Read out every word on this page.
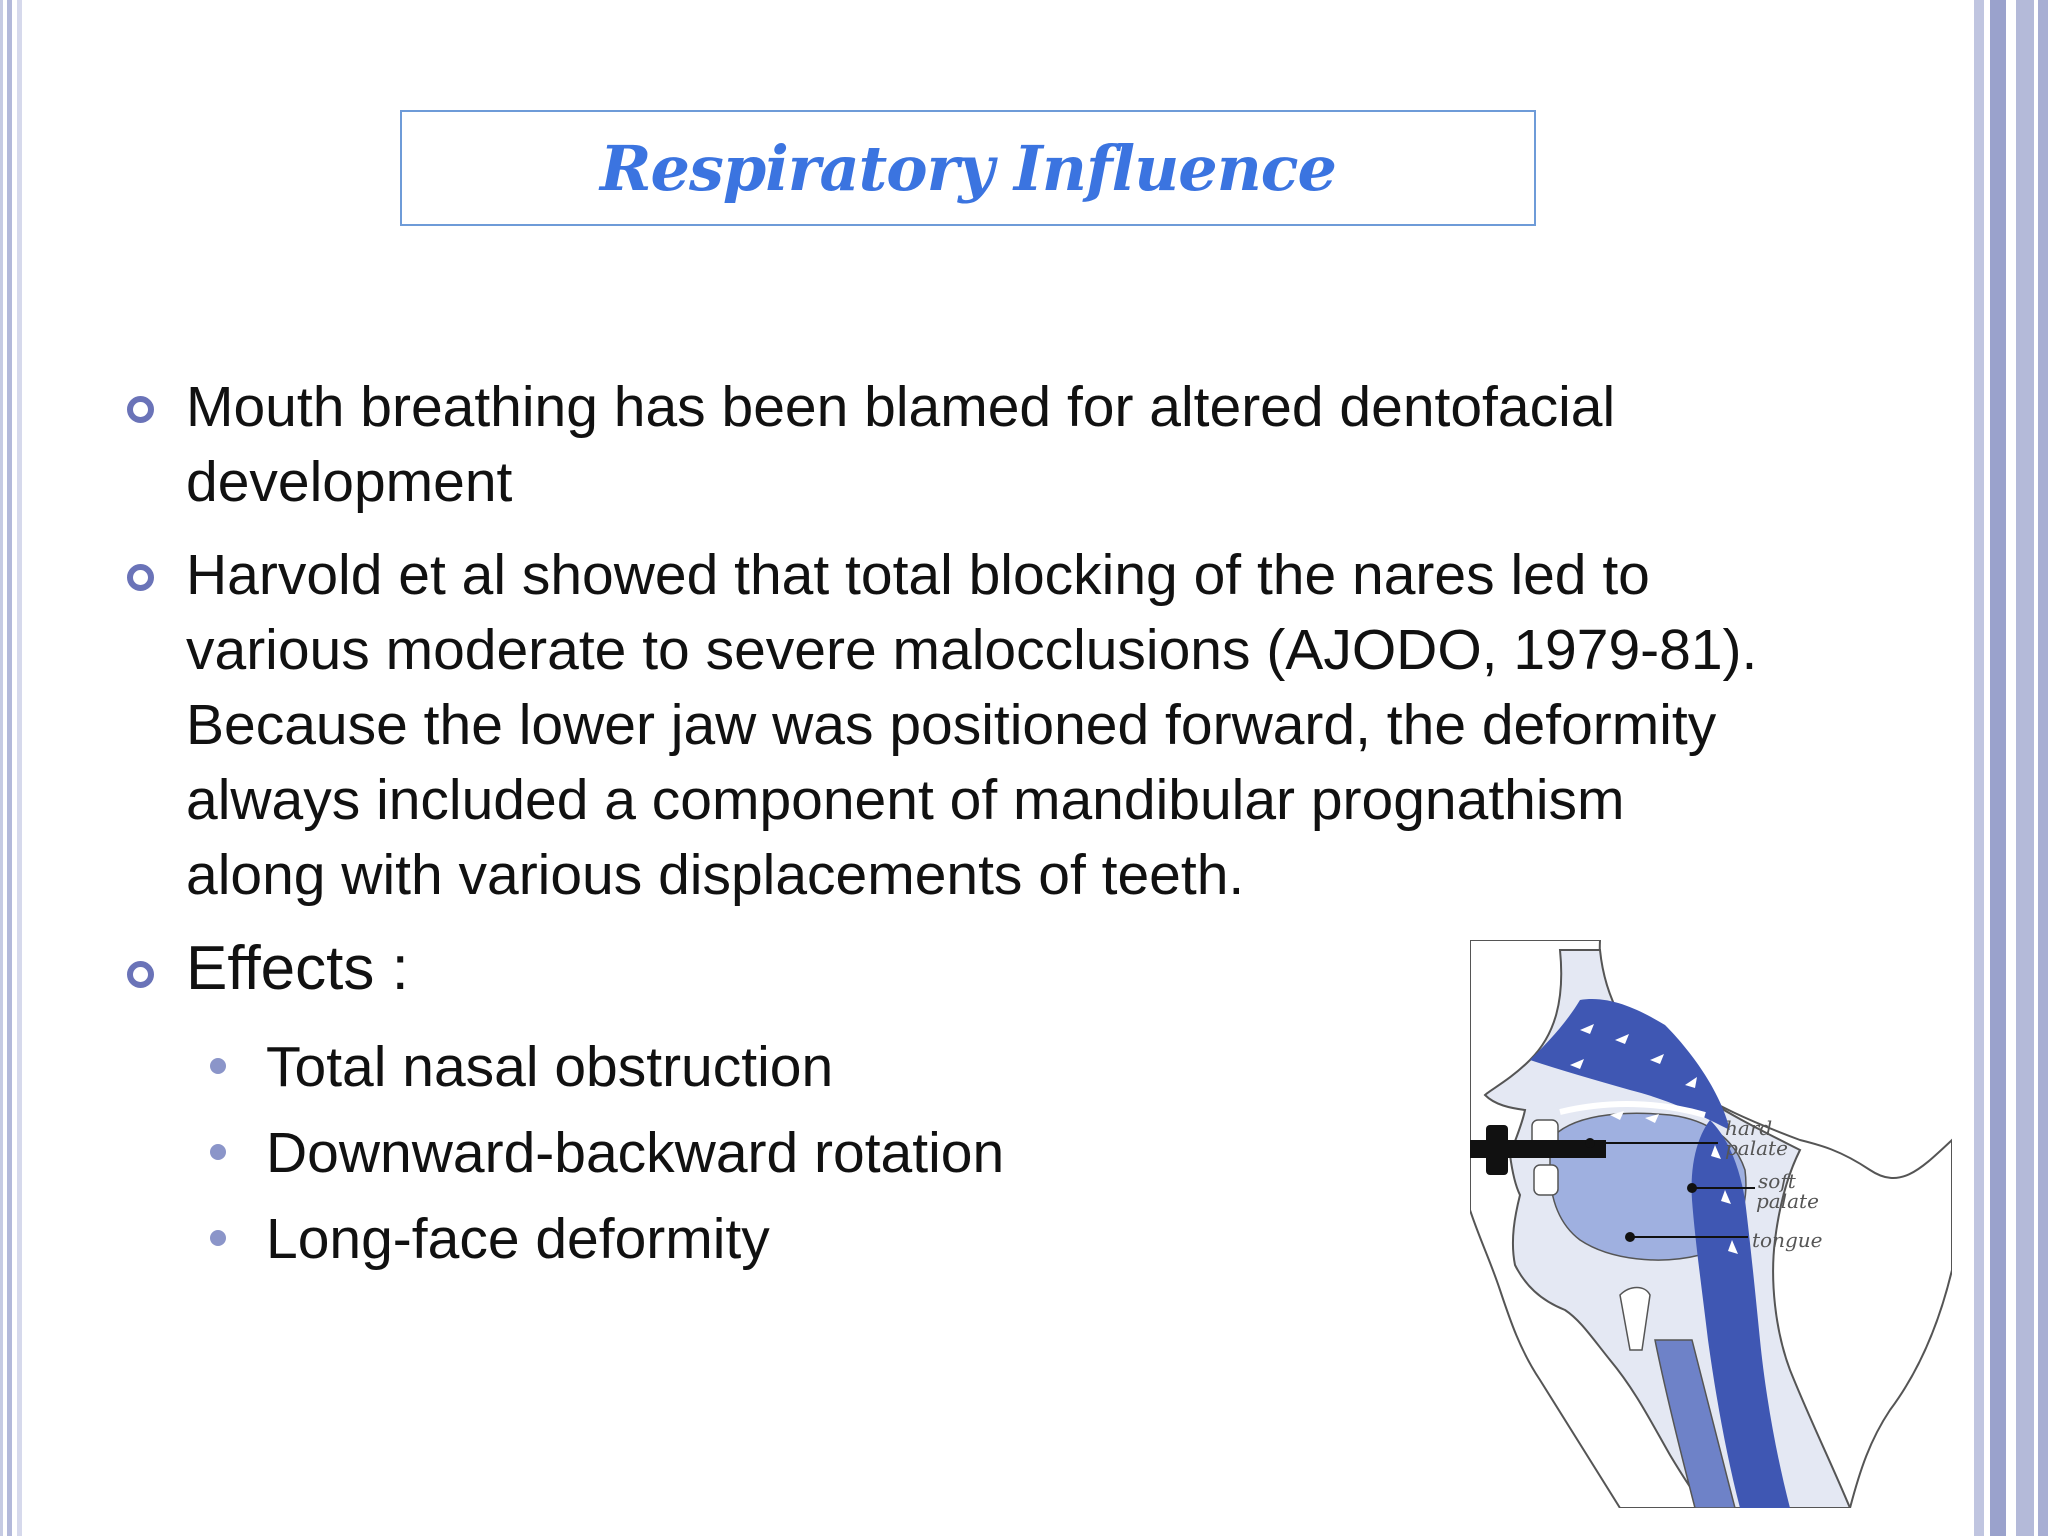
Respiratory Influence
Mouth breathing has been blamed for altered dentofacial development
Harvold et al showed that total blocking of the nares led to various moderate to severe malocclusions (AJODO, 1979-81). Because the lower jaw was positioned forward, the deformity always included a component of mandibular prognathism along with various displacements of teeth.
Effects :
Total nasal obstruction
Downward-backward rotation
Long-face deformity
hard
palate
soft
palate
tongue
